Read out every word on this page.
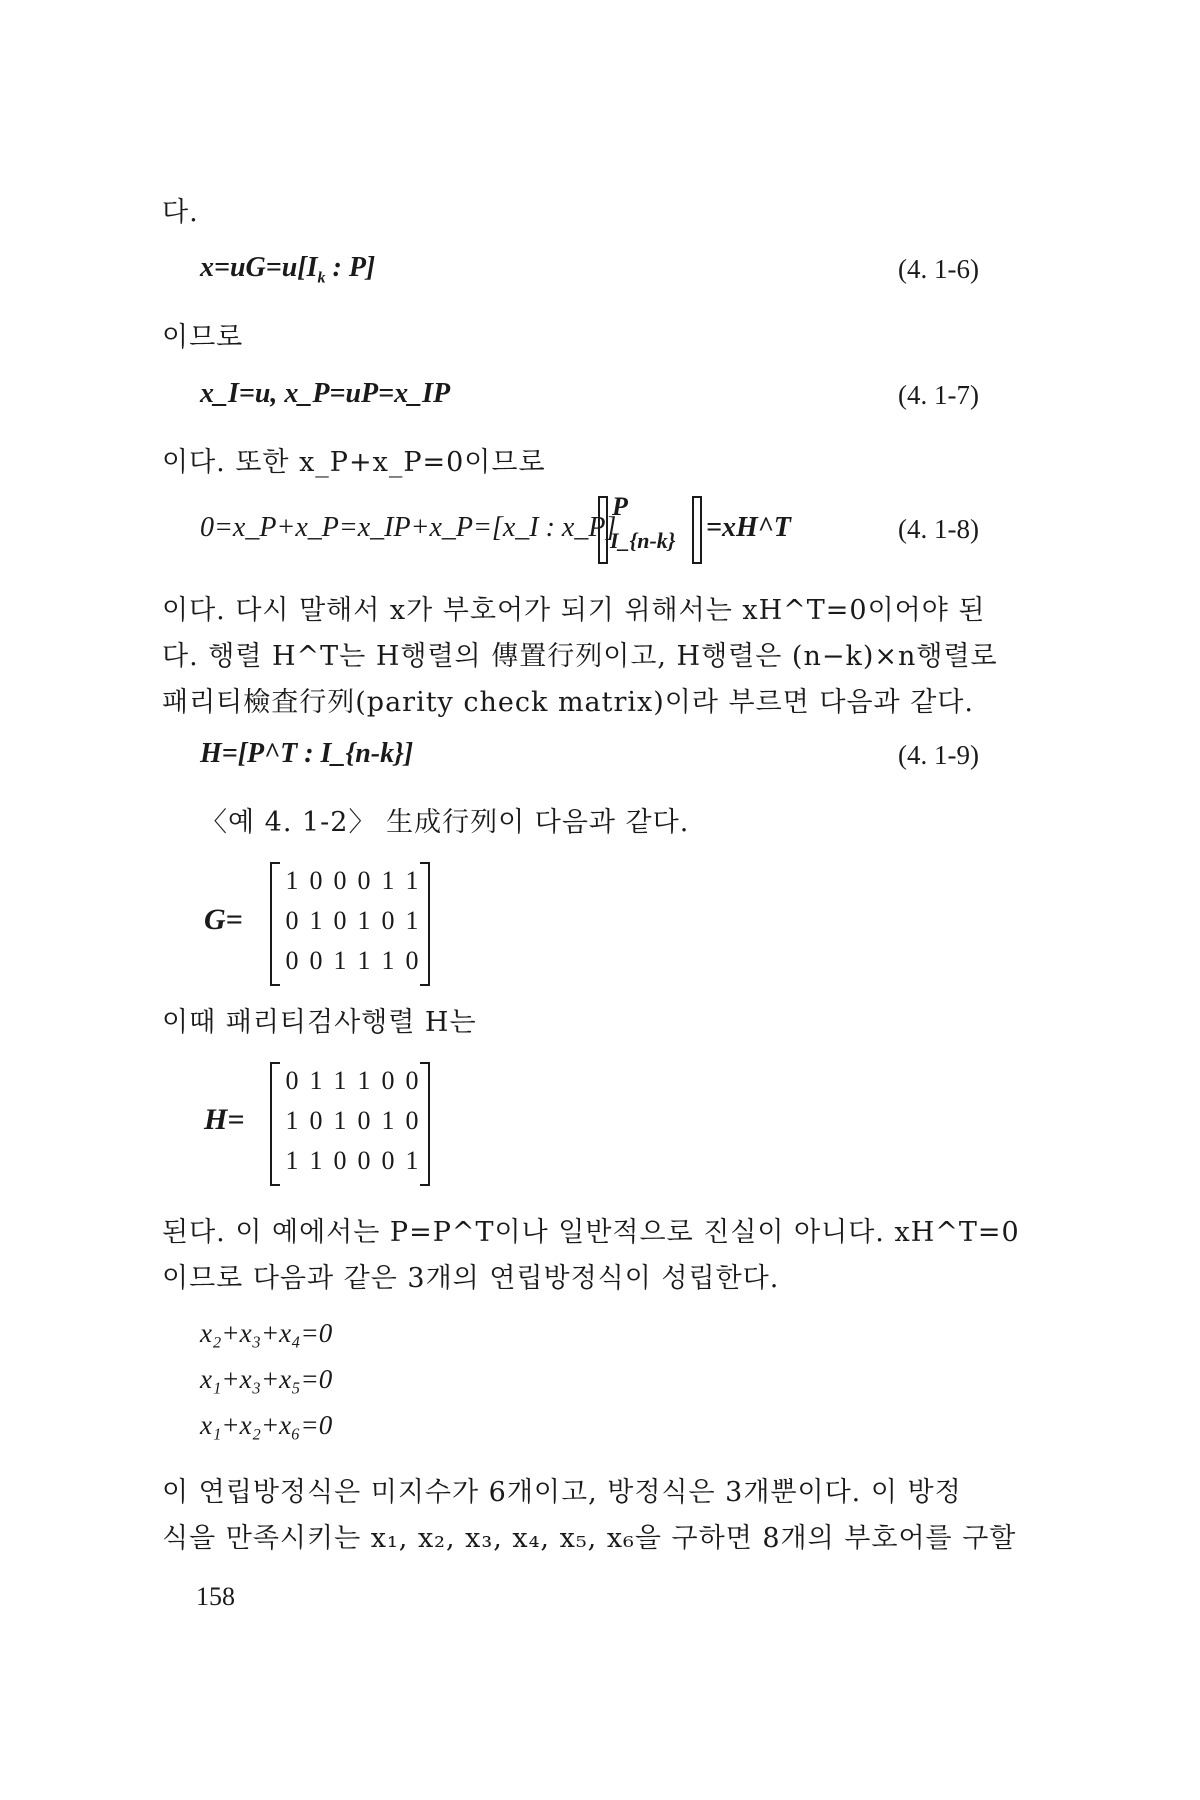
다.
$x=uG=u[I_k$ : P]	(4. 1-6)
이므로
x_I=u, x_P=uP=x_IP	(4. 1-7)
이다. 또한 x_P+x_P=0이므로
0=x_P+x_P=x_IP+x_P=[x_I : x_P]
P
I_{n-k} =xH^T	(4. 1-8)
이다. 다시 말해서 x가 부호어가 되기 위해서는 xH^T=0이어야 된
다. 행렬 H^T는 H행렬의 傳置行列이고, H행렬은 (n−k)×n행렬로
패리티檢査行列(parity check matrix)이라 부르면 다음과 같다.
H=[P^T : I_{n-k}]	(4. 1-9)
〈예 4. 1-2〉 生成行列이 다음과 같다.
G=
1 0 0 0 1 1
0 1 0 1 0 1
0 0 1 1 1 0
이때 패리티검사행렬 H는
H=
0 1 1 1 0 0
1 0 1 0 1 0
1 1 0 0 0 1
된다. 이 예에서는 P=P^T이나 일반적으로 진실이 아니다. xH^T=0
이므로 다음과 같은 3개의 연립방정식이 성립한다.
x₂+x₃+x₄=0
x₁+x₃+x₅=0
x₁+x₂+x₆=0
이 연립방정식은 미지수가 6개이고, 방정식은 3개뿐이다. 이 방정
식을 만족시키는 x₁, x₂, x₃, x₄, x₅, x₆을 구하면 8개의 부호어를 구할
158
